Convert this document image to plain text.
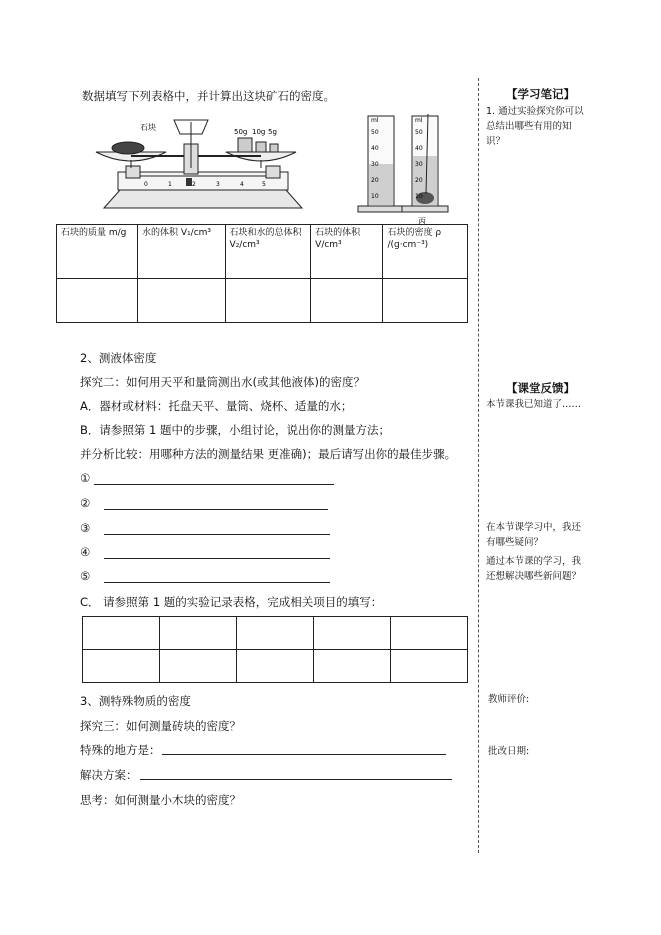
数据填写下列表格中，并计算出这块矿石的密度。
石块	50g 10g 5g
0	1	2	3	4	5
ml
50
40
30
20
10
ml
50
40
30
20
10
丙
石块的质量 m/g	水的体积 V₁/cm³	石块和水的总体积 V₂/cm³	石块的体积 V/cm³	石块的密度 ρ /(g·cm⁻³)

2、测液体密度
探究二：如何用天平和量筒测出水(或其他液体)的密度？
A．器材或材料：托盘天平、量筒、烧杯、适量的水；
B．请参照第 1 题中的步骤，小组讨论，说出你的测量方法；
并分析比较：用哪种方法的测量结果 更准确)；最后请写出你的最佳步骤。
①
②
③
④
⑤
C． 请参照第 1 题的实验记录表格，完成相关项目的填写：

3、测特殊物质的密度
探究三：如何测量砖块的密度？
特殊的地方是：
解决方案：
思考：如何测量小木块的密度？
【学习笔记】
1. 通过实验探究你可以总结出哪些有用的知识？
【课堂反馈】
本节课我已知道了……
在本节课学习中，我还有哪些疑问？
通过本节课的学习，我还想解决哪些新问题？
教师评价:
批改日期:
